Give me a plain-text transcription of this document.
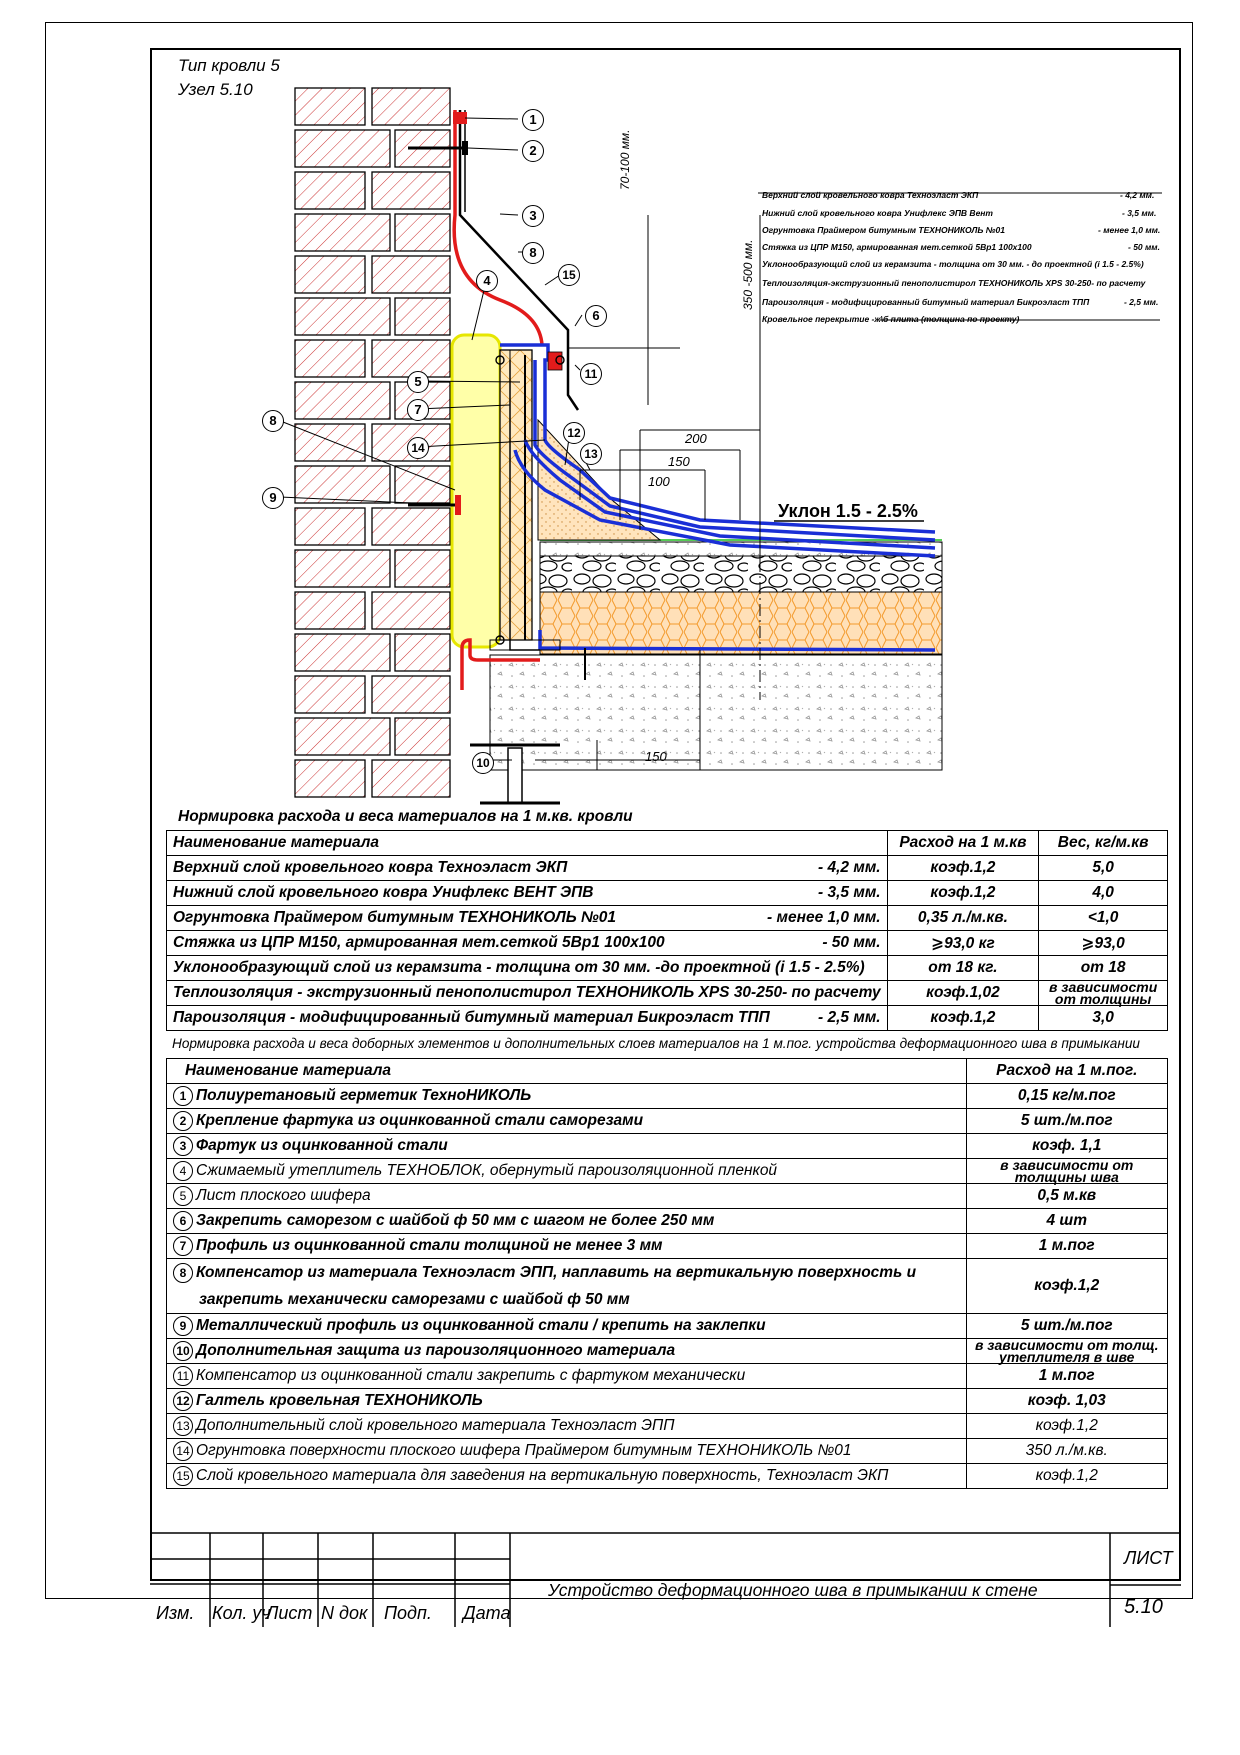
Тип кровли 5
Узел 5.10
1
2
3
4
5
6
7
8
8
9
10
11
12
13
14
15
70-100 мм.
350 -500 мм.
200
150
100
150
Уклон 1.5 - 2.5%
Верхний слой кровельного ковра Техноэласт ЭКП	- 4,2 мм.
Нижний слой кровельного ковра Унифлекс ЭПВ Вент	- 3,5 мм.
Огрунтовка Праймером битумным ТЕХНОНИКОЛЬ №01	- менее 1,0 мм.
Стяжка из ЦПР М150, армированная мет.сеткой 5Вр1 100х100	- 50 мм.
Уклонообразующий слой из керамзита - толщина от 30 мм. - до проектной (i 1.5 - 2.5%)
Теплоизоляция-экструзионный пенополистирол ТЕХНОНИКОЛЬ XPS 30-250- по расчету
Пароизоляция - модифицированный битумный материал Бикроэласт ТПП	- 2,5 мм.
Кровельное перекрытие -ж\б плита (толщина по проекту)
Нормировка расхода и веса материалов на 1 м.кв. кровли
Наименование материала	Расход на 1 м.кв	Вес, кг/м.кв

Верхний слой кровельного ковра Техноэласт ЭКП - 4,2 мм.	коэф.1,2	5,0

Нижний слой кровельного ковра Унифлекс ВЕНТ ЭПВ - 3,5 мм.	коэф.1,2	4,0

Огрунтовка Праймером битумным ТЕХНОНИКОЛЬ №01 - менее 1,0 мм.	0,35 л./м.кв.	<1,0

Стяжка из ЦПР М150, армированная мет.сеткой 5Вр1 100х100 - 50 мм.	⩾93,0 кг	⩾93,0
Уклонообразующий слой из керамзита - толщина от 30 мм. -до проектной (i 1.5 - 2.5%)	от 18 кг.	от 18
Теплоизоляция - экструзионный пенополистирол ТЕХНОНИКОЛЬ XPS 30-250- по расчету	коэф.1,02	в зависимости от толщины

Пароизоляция - модифицированный битумный материал Бикроэласт ТПП - 2,5 мм.	коэф.1,2	3,0
Нормировка расхода и веса доборных элементов и дополнительных слоев материалов на 1 м.пог. устройства деформационного шва в примыкании
Наименование материала	Расход на 1 м.пог.
1 Полиуретановый герметик ТехноНИКОЛЬ	0,15 кг/м.пог
2 Крепление фартука из оцинкованной стали саморезами	5 шт./м.пог
3 Фартук из оцинкованной стали	коэф. 1,1
4 Сжимаемый утеплитель ТЕХНОБЛОК, обернутый пароизоляционной пленкой	в зависимости от толщины шва
5 Лист плоского шифера	0,5 м.кв
6 Закрепить саморезом с шайбой ф 50 мм с шагом не более 250 мм	4 шт
7 Профиль из оцинкованной стали толщиной не менее 3 мм	1 м.пог
8 Компенсатор из материала Техноэласт ЭПП, наплавить на вертикальную поверхность и
закрепить механически саморезами с шайбой ф 50 мм	коэф.1,2
9 Металлический профиль из оцинкованной стали / крепить на заклепки	5 шт./м.пог
10 Дополнительная защита из пароизоляционного материала	в зависимости от толщ. утеплителя в шве
11 Компенсатор из оцинкованной стали закрепить с фартуком механически	1 м.пог
12 Галтель кровельная ТЕХНОНИКОЛЬ	коэф. 1,03
13 Дополнительный слой кровельного материала Техноэласт ЭПП	коэф.1,2
14 Огрунтовка поверхности плоского шифера Праймером битумным ТЕХНОНИКОЛЬ №01	350 л./м.кв.
15 Слой кровельного материала для заведения на вертикальную поверхность, Техноэласт ЭКП	коэф.1,2
Изм. Кол. уч
Лист N док Подп. Дата
Устройство деформационного шва в примыкании к стене
ЛИСТ
5.10
